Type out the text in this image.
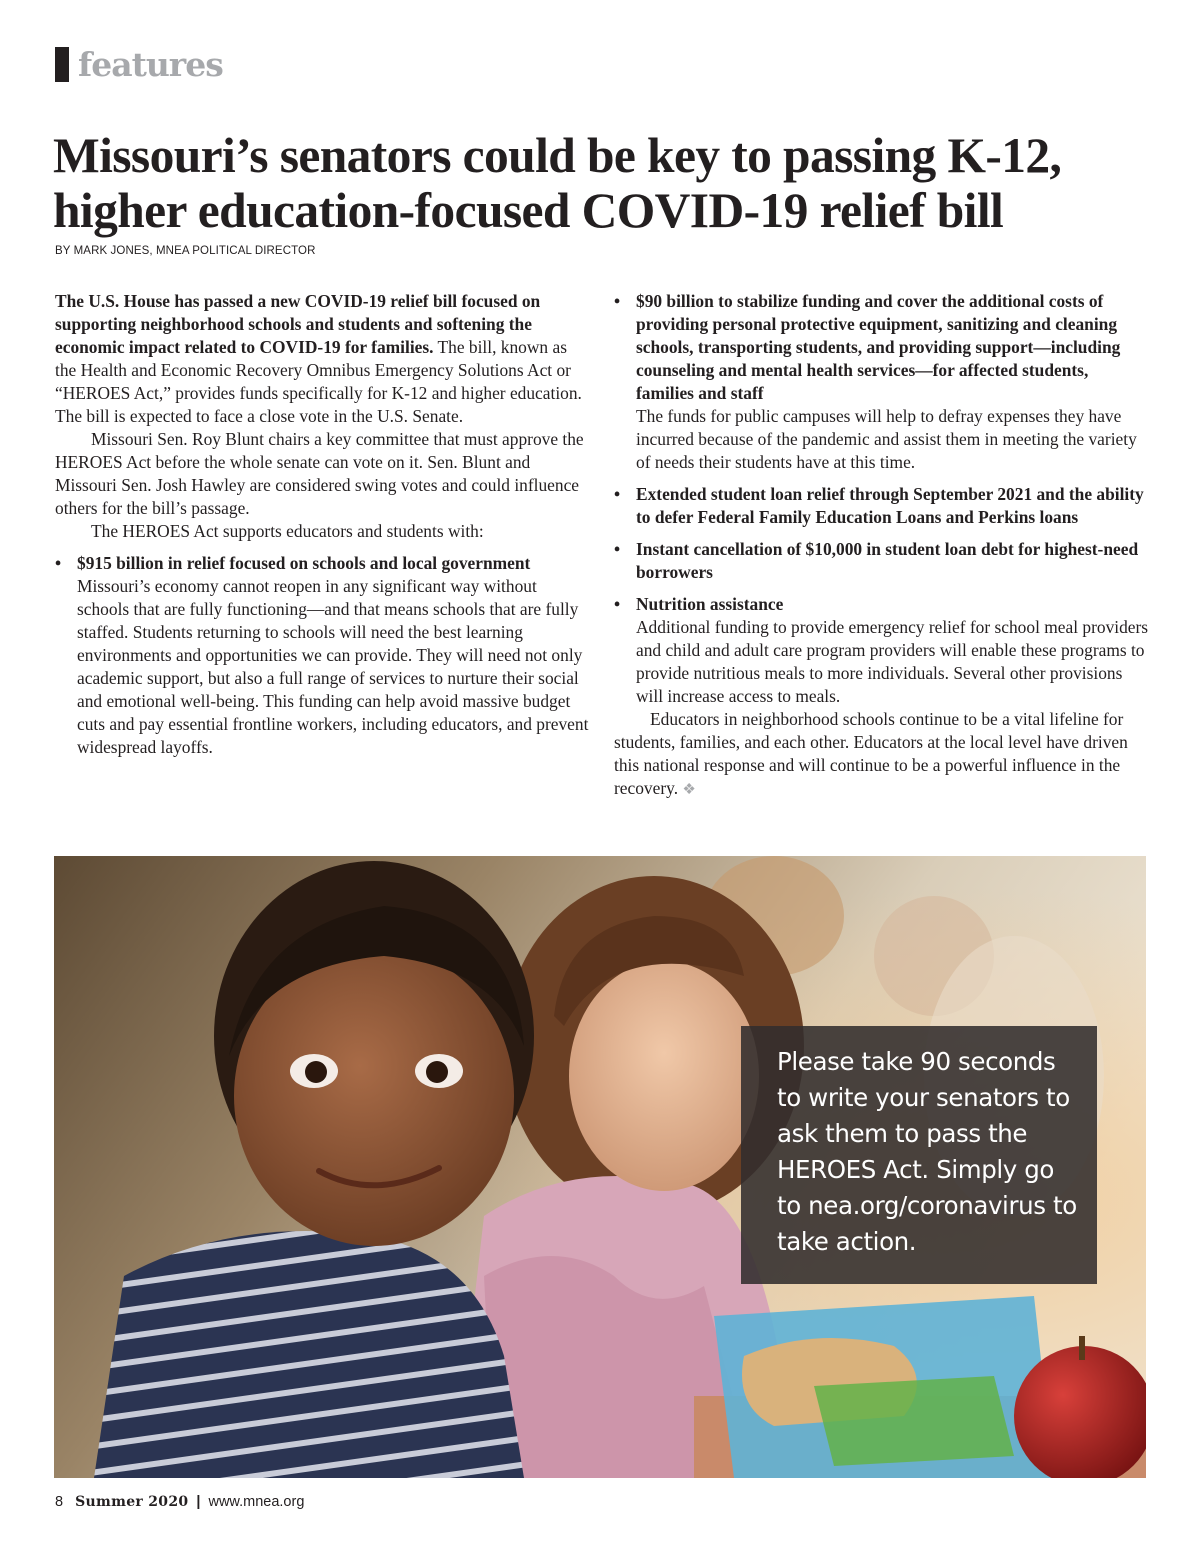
features
Missouri’s senators could be key to passing K-12,
higher education-focused COVID-19 relief bill
BY MARK JONES, MNEA POLITICAL DIRECTOR

The U.S. House has passed a new COVID-19 relief bill focused on supporting neighborhood schools and students and softening the economic impact related to COVID-19 for families. The bill, known as the Health and Economic Recovery Omnibus Emergency Solutions Act or “HEROES Act,” provides funds specifically for K-12 and higher education. The bill is expected to face a close vote in the U.S. Senate.

Missouri Sen. Roy Blunt chairs a key committee that must approve the HEROES Act before the whole senate can vote on it. Sen. Blunt and Missouri Sen. Josh Hawley are considered swing votes and could influence others for the bill’s passage.

The HEROES Act supports educators and students with:

• $915 billion in relief focused on schools and local government
Missouri’s economy cannot reopen in any significant way without schools that are fully functioning—and that means schools that are fully staffed. Students returning to schools will need the best learning environments and opportunities we can provide. They will need not only academic support, but also a full range of services to nurture their social and emotional well-being. This funding can help avoid massive budget cuts and pay essential frontline workers, including educators, and prevent widespread layoffs.
• $90 billion to stabilize funding and cover the additional costs of providing personal protective equipment, sanitizing and cleaning schools, transporting students, and providing support—including counseling and mental health services—for affected students, families and staff
The funds for public campuses will help to defray expenses they have incurred because of the pandemic and assist them in meeting the variety of needs their students have at this time.
• Extended student loan relief through September 2021 and the ability to defer Federal Family Education Loans and Perkins loans
• Instant cancellation of $10,000 in student loan debt for highest-need borrowers
• Nutrition assistance
Additional funding to provide emergency relief for school meal providers and child and adult care program providers will enable these programs to provide nutritious meals to more individuals. Several other provisions will increase access to meals.

Educators in neighborhood schools continue to be a vital lifeline for students, families, and each other. Educators at the local level have driven this national response and will continue to be a powerful influence in the recovery. ❖

Please take 90 seconds to write your senators to ask them to pass the HEROES Act. Simply go to nea.org/coronavirus to take action.
8 Summer 2020 | www.mnea.org
